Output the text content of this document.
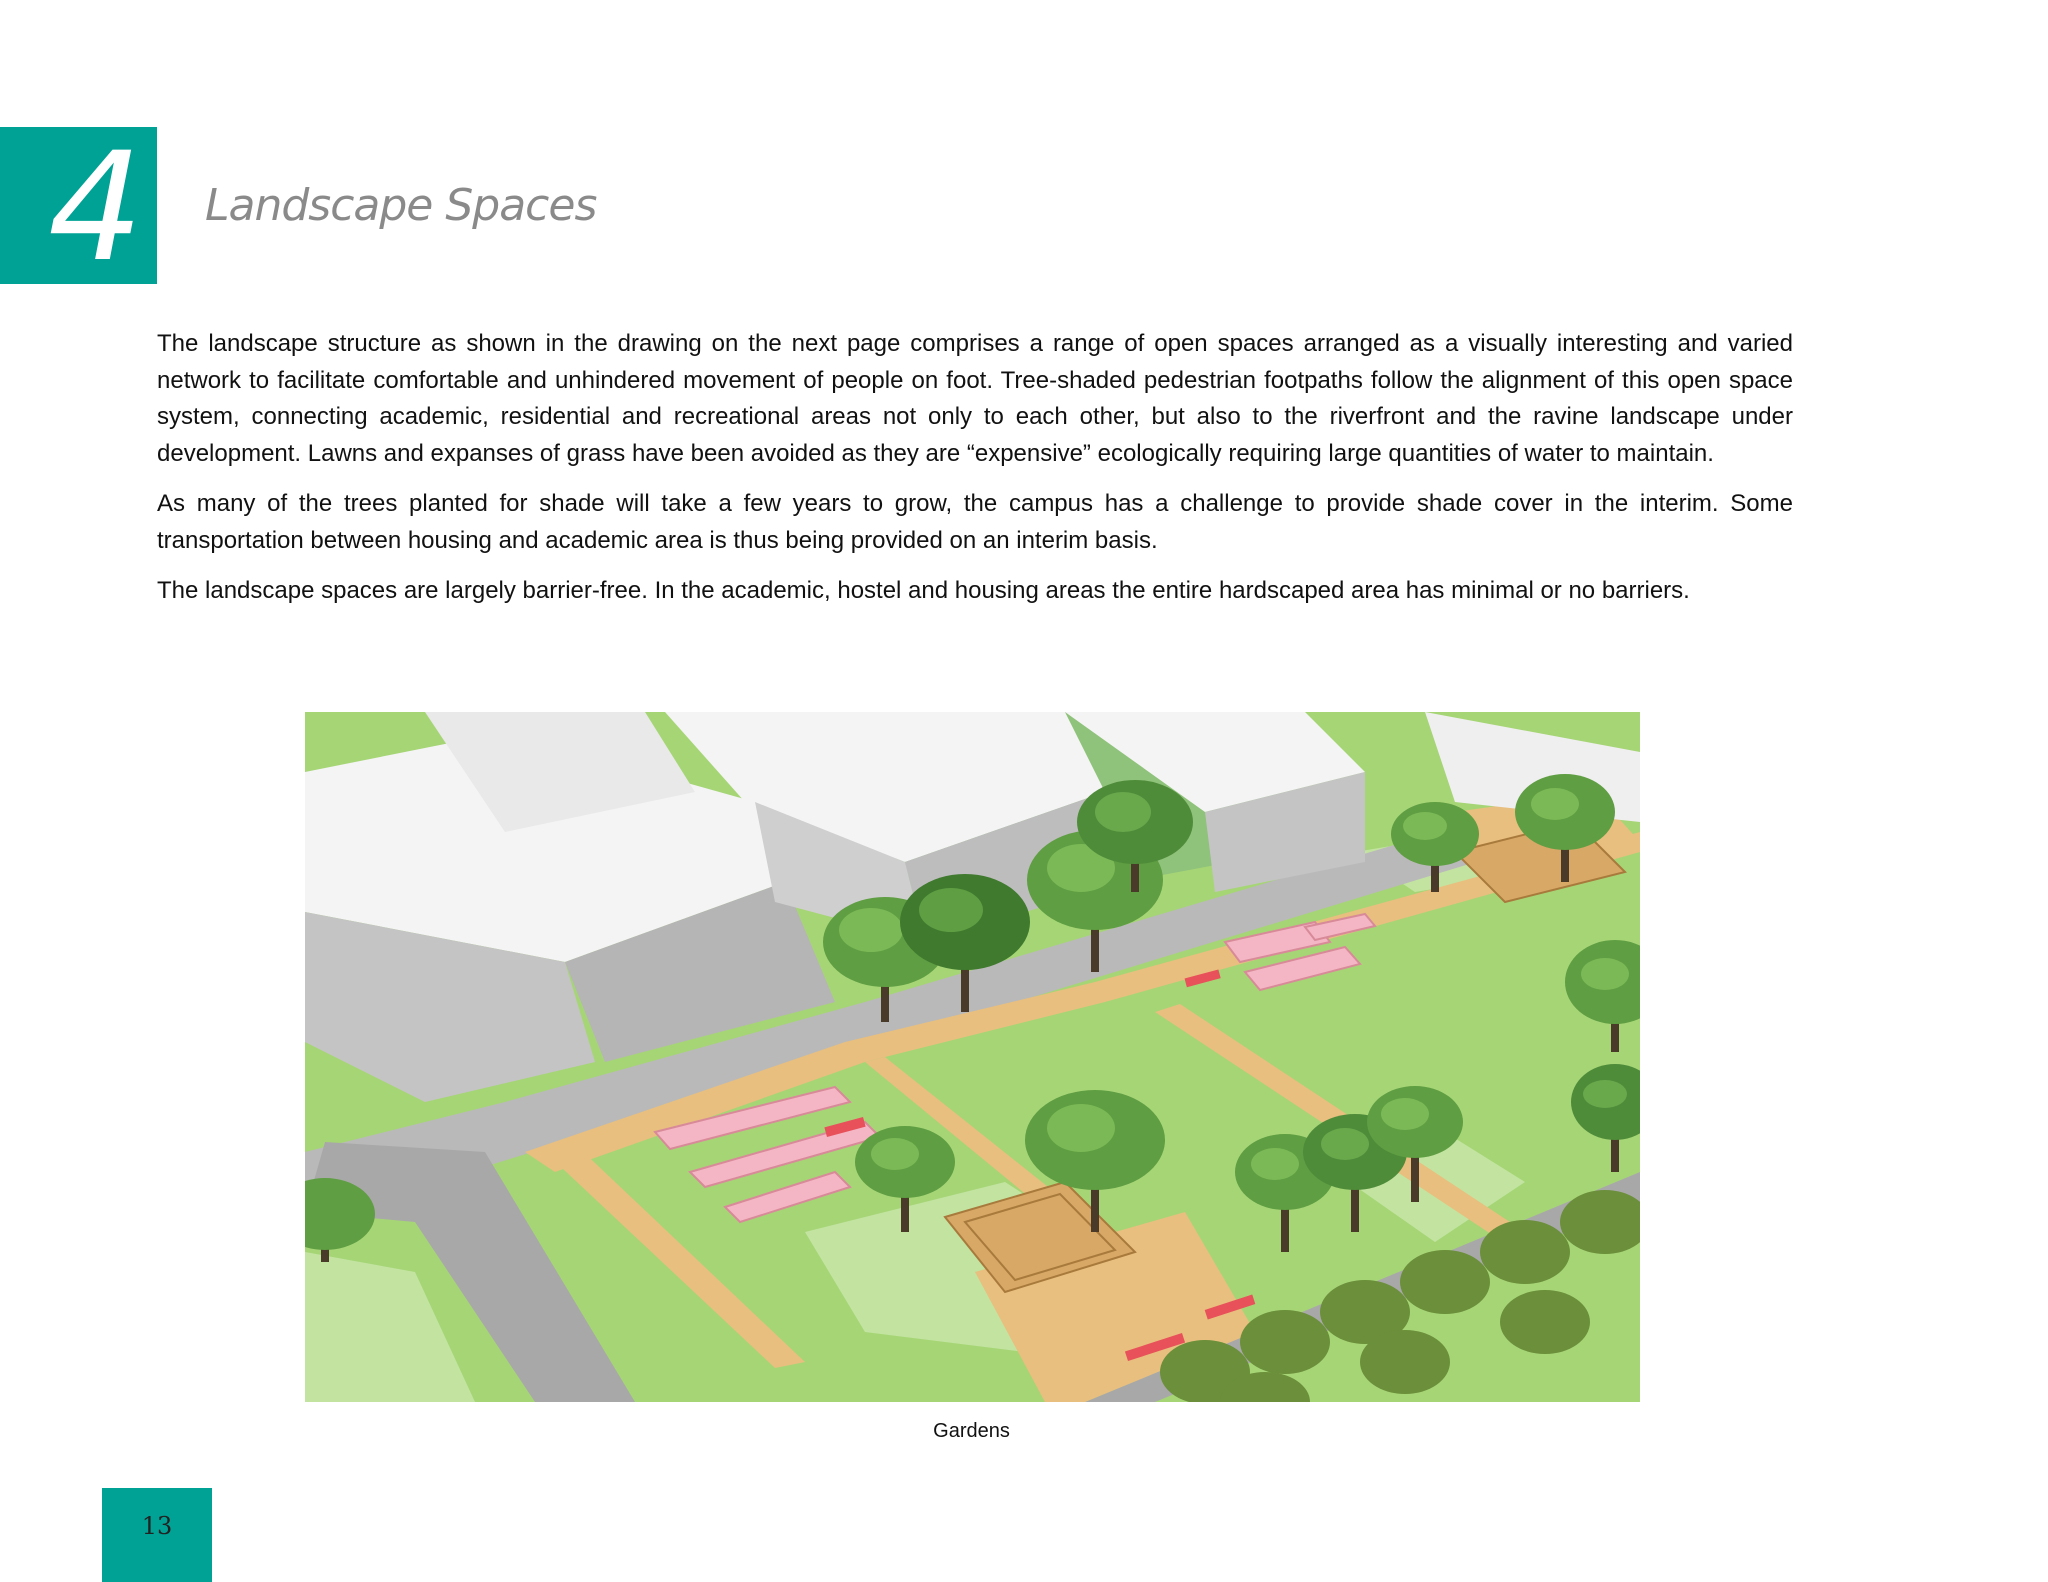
4 Landscape Spaces

The landscape structure as shown in the drawing on the next page comprises a range of open spaces arranged as a visually interesting and varied network to facilitate comfortable and unhindered movement of people on foot. Tree-shaded pedestrian footpaths follow the alignment of this open space system, connecting academic, residential and recreational areas not only to each other, but also to the riverfront and the ravine landscape under development. Lawns and expanses of grass have been avoided as they are “expensive” ecologically requiring large quantities of water to maintain.

As many of the trees planted for shade will take a few years to grow, the campus has a challenge to provide shade cover in the interim. Some transportation between housing and academic area is thus being provided on an interim basis.

The landscape spaces are largely barrier-free. In the academic, hostel and housing areas the entire hardscaped area has minimal or no barriers.

Gardens
13
